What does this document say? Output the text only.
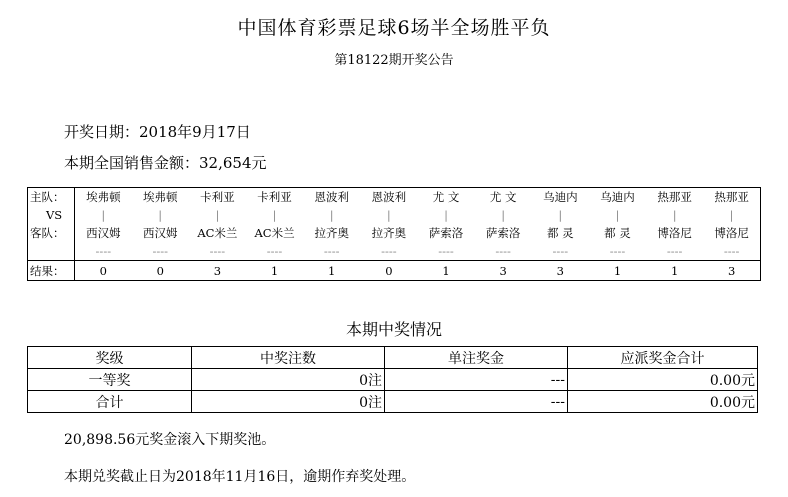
中国体育彩票足球6场半全场胜平负
第18122期开奖公告
开奖日期：2018年9月17日
本期全国销售金额：32,654元
主队：	埃弗顿	埃弗顿	卡利亚	卡利亚	恩波利	恩波利	尤 文	尤 文	乌迪内	乌迪内	热那亚	热那亚
VS	|	|	|	|	|	|	|	|	|	|	|	|
客队：	西汉姆	西汉姆	AC米兰	AC米兰	拉齐奥	拉齐奥	萨索洛	萨索洛	都 灵	都 灵	博洛尼	博洛尼
	----	----	----	----	----	----	----	----	----	----	----	----
结果：	0	0	3	1	1	0	1	3	3	1	1	3
本期中奖情况
奖级	中奖注数	单注奖金	应派奖金合计
一等奖	0注	---	0.00元
合计	0注	---	0.00元
20,898.56元奖金滚入下期奖池。
本期兑奖截止日为2018年11月16日，逾期作弃奖处理。
